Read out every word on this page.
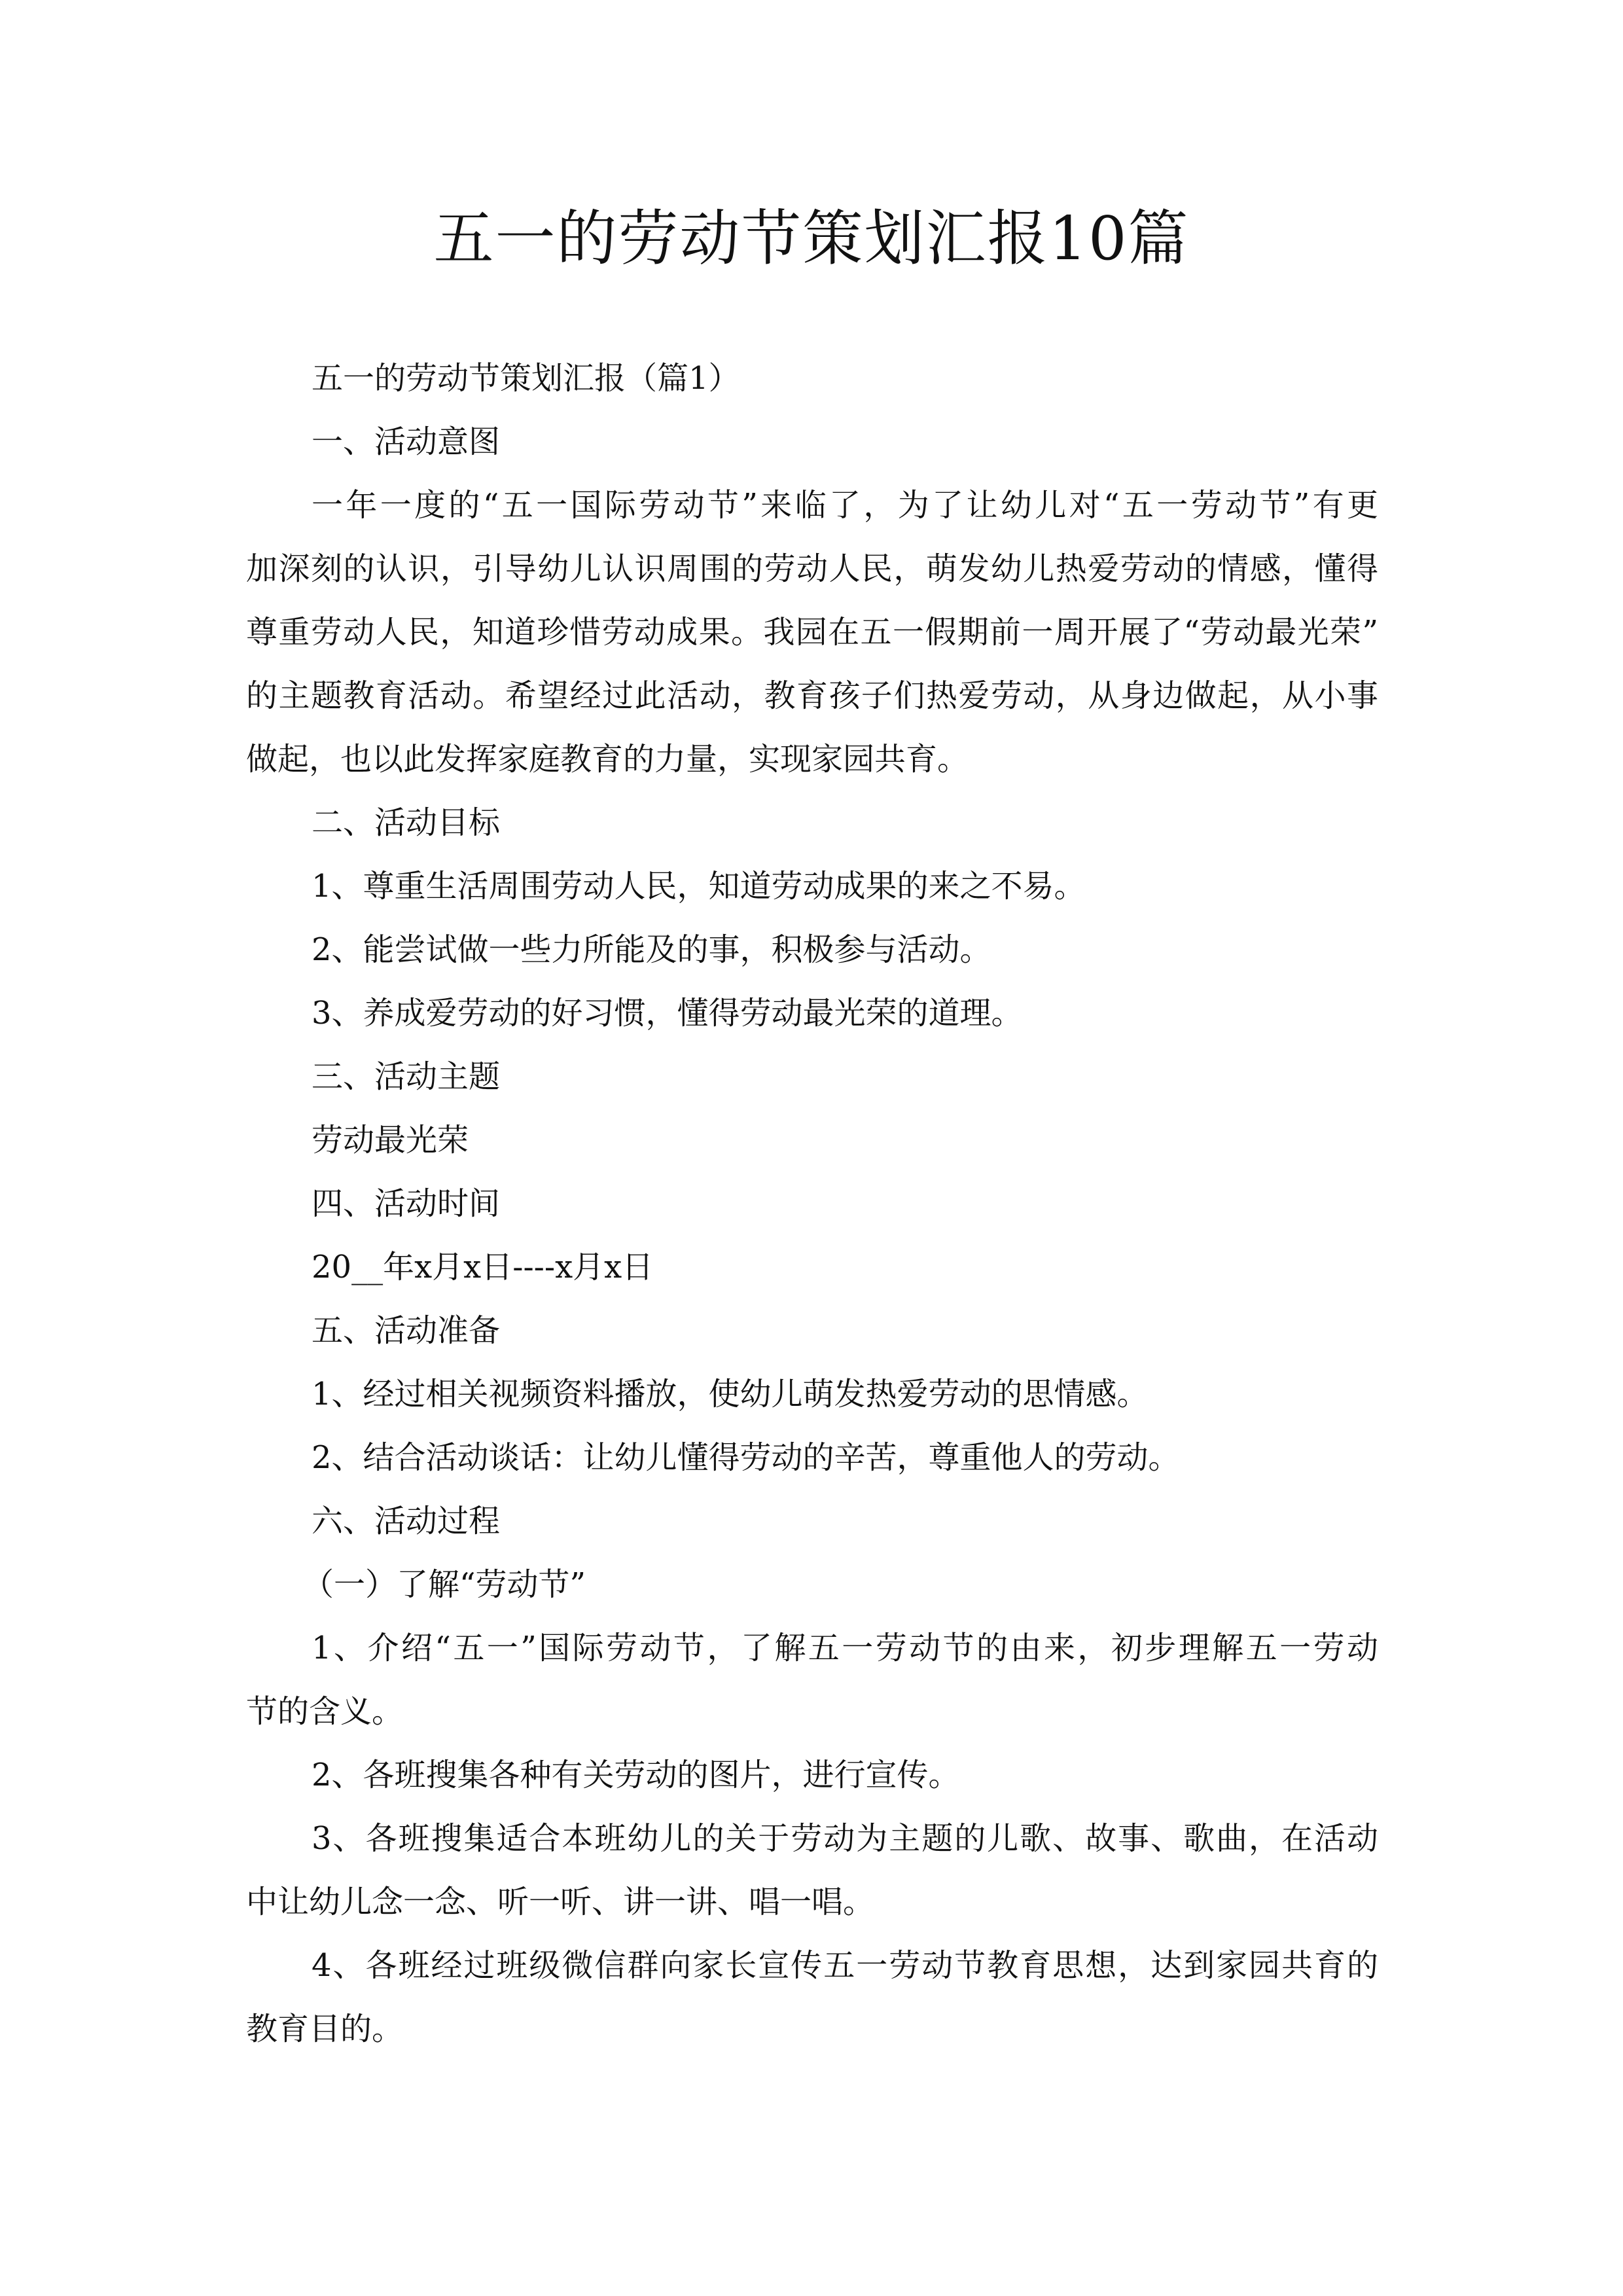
五一的劳动节策划汇报10篇

五一的劳动节策划汇报（篇1）

一、活动意图

一年一度的“五一国际劳动节”来临了，为了让幼儿对“五一劳动节”有更

加深刻的认识，引导幼儿认识周围的劳动人民，萌发幼儿热爱劳动的情感，懂得

尊重劳动人民，知道珍惜劳动成果。我园在五一假期前一周开展了“劳动最光荣”

的主题教育活动。希望经过此活动，教育孩子们热爱劳动，从身边做起，从小事

做起，也以此发挥家庭教育的力量，实现家园共育。

二、活动目标

1、尊重生活周围劳动人民，知道劳动成果的来之不易。

2、能尝试做一些力所能及的事，积极参与活动。

3、养成爱劳动的好习惯，懂得劳动最光荣的道理。

三、活动主题

劳动最光荣

四、活动时间

20__年x月x日----x月x日

五、活动准备

1、经过相关视频资料播放，使幼儿萌发热爱劳动的思情感。

2、结合活动谈话：让幼儿懂得劳动的辛苦，尊重他人的劳动。

六、活动过程

（一）了解“劳动节”

1、介绍“五一”国际劳动节，了解五一劳动节的由来，初步理解五一劳动

节的含义。

2、各班搜集各种有关劳动的图片，进行宣传。

3、各班搜集适合本班幼儿的关于劳动为主题的儿歌、故事、歌曲，在活动

中让幼儿念一念、听一听、讲一讲、唱一唱。

4、各班经过班级微信群向家长宣传五一劳动节教育思想，达到家园共育的

教育目的。
